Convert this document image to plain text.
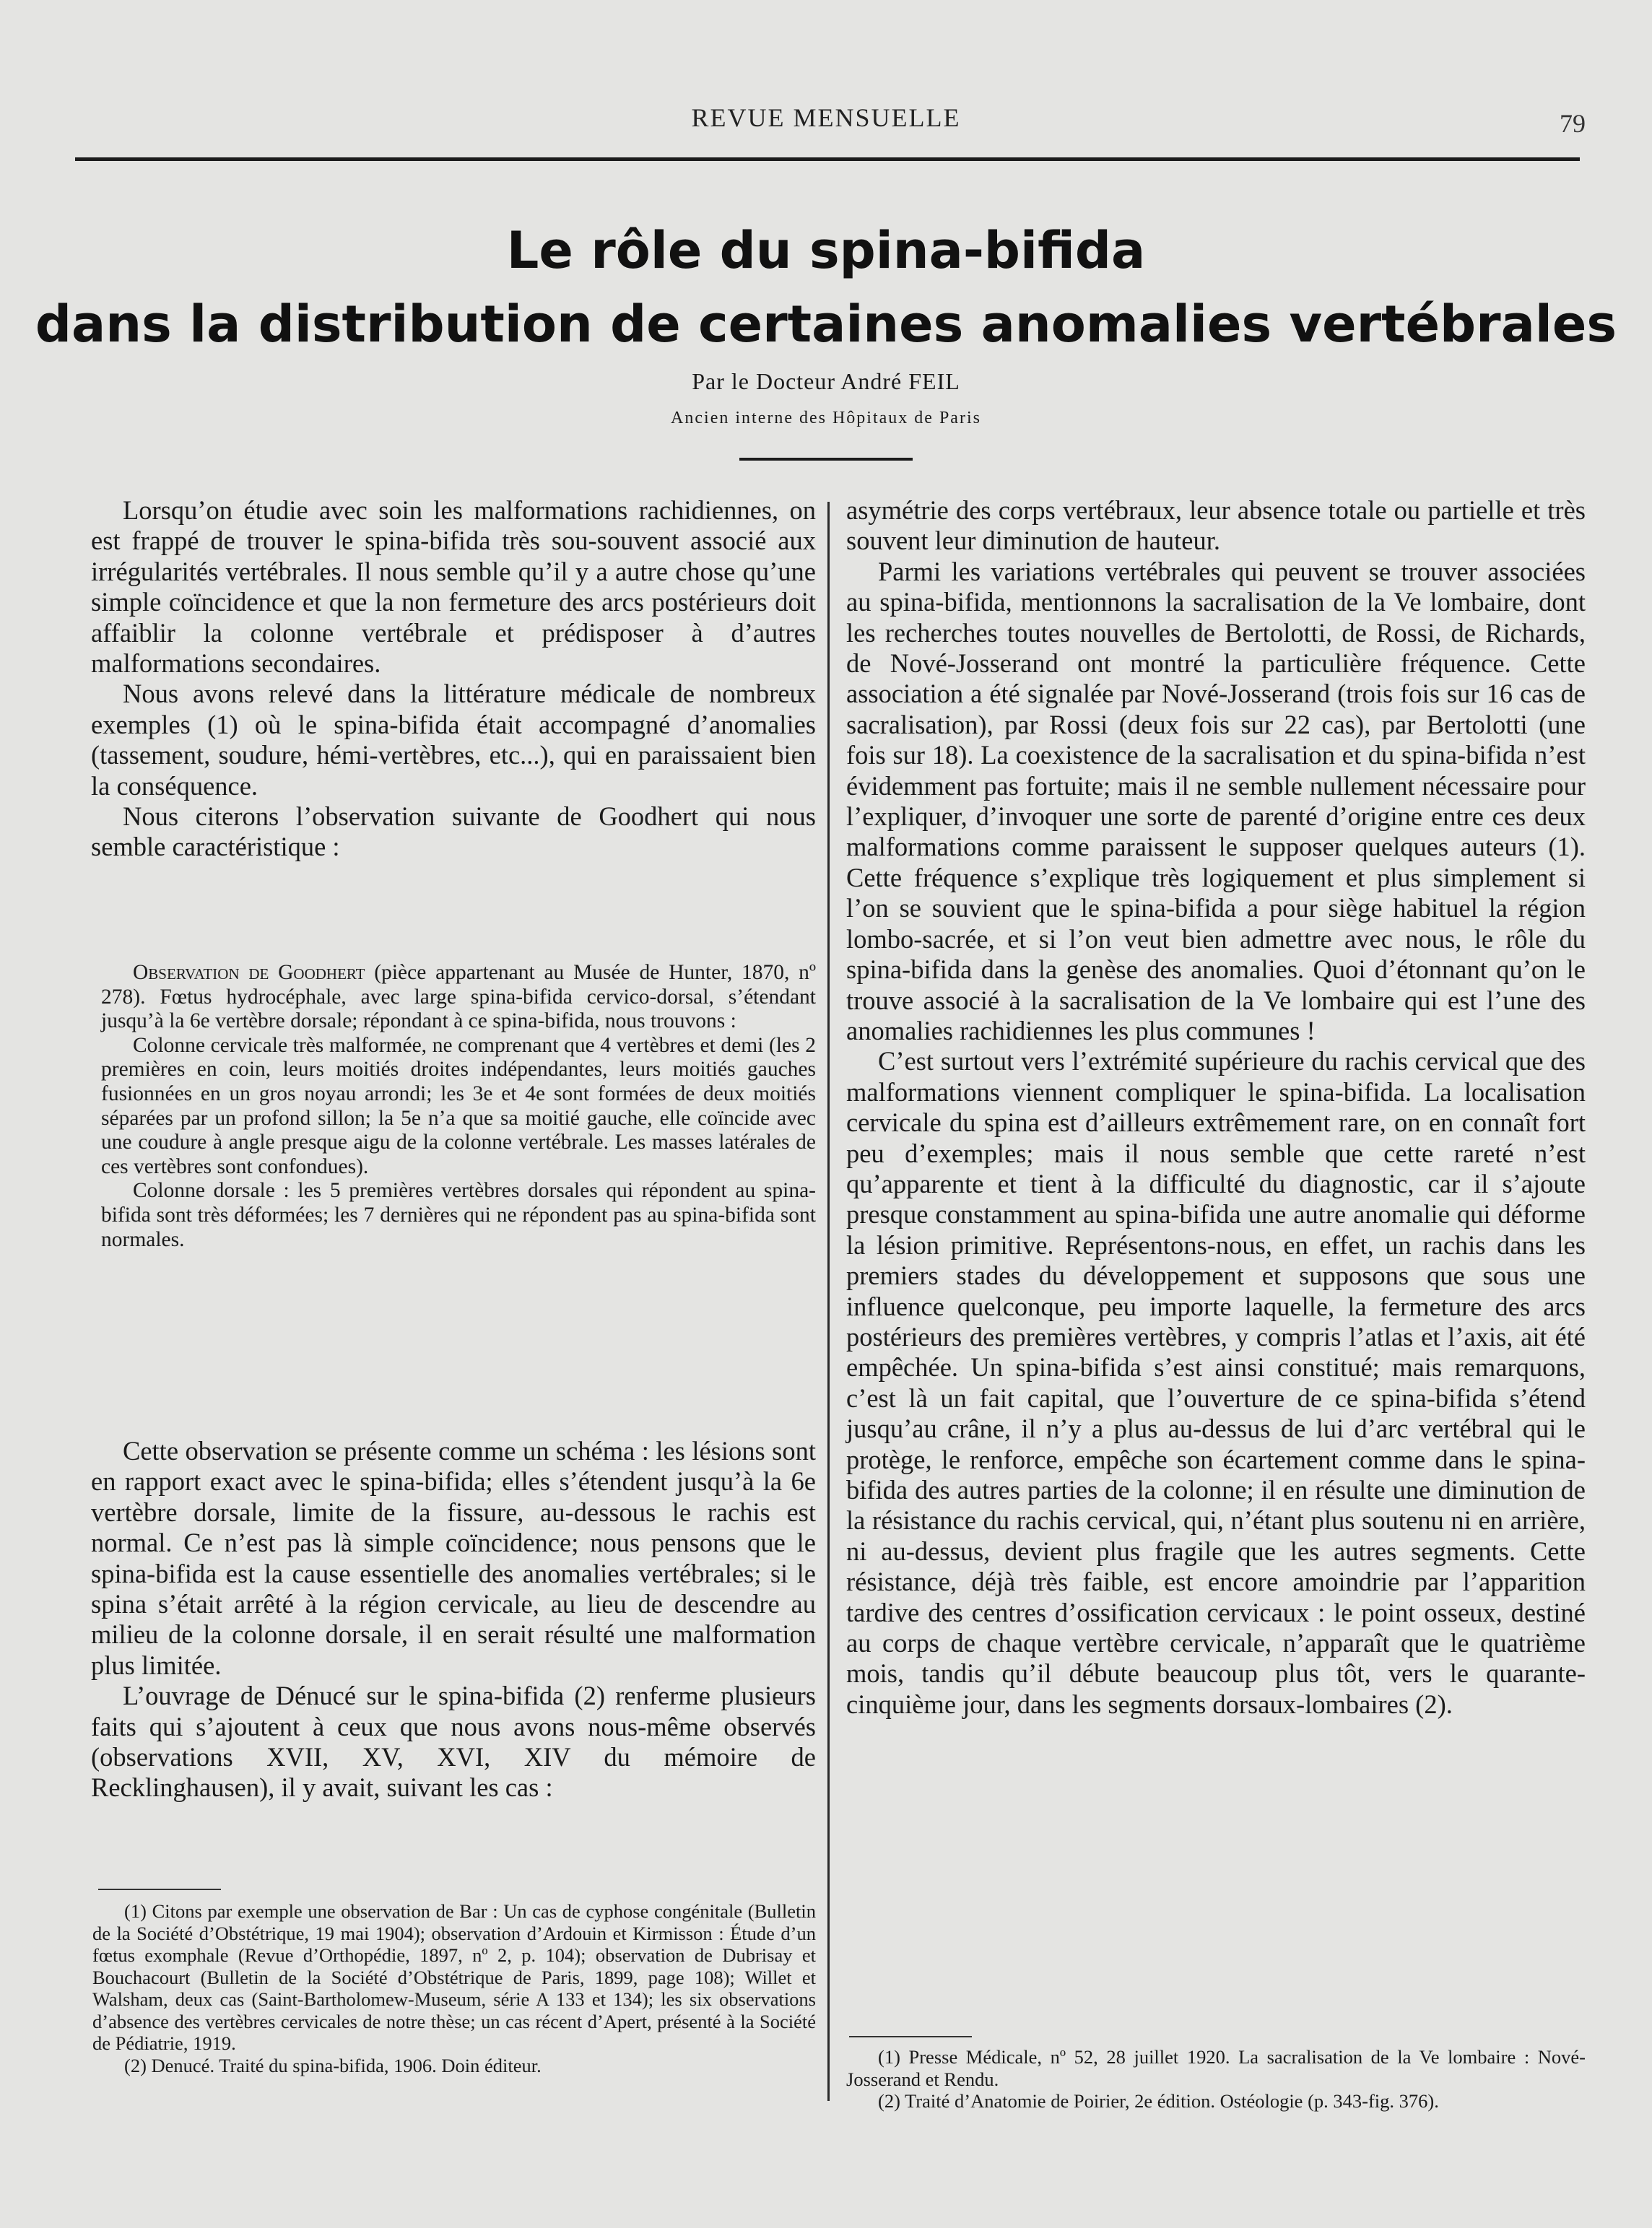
REVUE MENSUELLE	79
Le rôle du spina-bifida
dans la distribution de certaines anomalies vertébrales
Par le Docteur André FEIL
Ancien interne des Hôpitaux de Paris

Lorsqu’on étudie avec soin les malformations rachidiennes, on est frappé de trouver le spina-bifida très sou-souvent associé aux irrégularités vertébrales. Il nous semble qu’il y a autre chose qu’une simple coïncidence et que la non fermeture des arcs postérieurs doit affaiblir la colonne vertébrale et prédisposer à d’autres malformations secondaires.

Nous avons relevé dans la littérature médicale de nombreux exemples (1) où le spina-bifida était accompagné d’anomalies (tassement, soudure, hémi-vertèbres, etc...), qui en paraissaient bien la conséquence.

Nous citerons l’observation suivante de Goodhert qui nous semble caractéristique :

Observation de Goodhert (pièce appartenant au Musée de Hunter, 1870, nº 278). Fœtus hydrocéphale, avec large spina-bifida cervico-dorsal, s’étendant jusqu’à la 6e vertèbre dorsale; répondant à ce spina-bifida, nous trouvons :

Colonne cervicale très malformée, ne comprenant que 4 vertèbres et demi (les 2 premières en coin, leurs moitiés droites indépendantes, leurs moitiés gauches fusionnées en un gros noyau arrondi; les 3e et 4e sont formées de deux moitiés séparées par un profond sillon; la 5e n’a que sa moitié gauche, elle coïncide avec une coudure à angle presque aigu de la colonne vertébrale. Les masses latérales de ces vertèbres sont confondues).

Colonne dorsale : les 5 premières vertèbres dorsales qui répondent au spina-bifida sont très déformées; les 7 dernières qui ne répondent pas au spina-bifida sont normales.

Cette observation se présente comme un schéma : les lésions sont en rapport exact avec le spina-bifida; elles s’étendent jusqu’à la 6e vertèbre dorsale, limite de la fissure, au-dessous le rachis est normal. Ce n’est pas là simple coïncidence; nous pensons que le spina-bifida est la cause essentielle des anomalies vertébrales; si le spina s’était arrêté à la région cervicale, au lieu de descendre au milieu de la colonne dorsale, il en serait résulté une malformation plus limitée.

L’ouvrage de Dénucé sur le spina-bifida (2) renferme plusieurs faits qui s’ajoutent à ceux que nous avons nous-même observés (observations XVII, XV, XVI, XIV du mémoire de Recklinghausen), il y avait, suivant les cas :

(1) Citons par exemple une observation de Bar : Un cas de cyphose congénitale (Bulletin de la Société d’Obstétrique, 19 mai 1904); observation d’Ardouin et Kirmisson : Étude d’un fœtus exomphale (Revue d’Orthopédie, 1897, nº 2, p. 104); observation de Dubrisay et Bouchacourt (Bulletin de la Société d’Obstétrique de Paris, 1899, page 108); Willet et Walsham, deux cas (Saint-Bartholomew-Museum, série A 133 et 134); les six observations d’absence des vertèbres cervicales de notre thèse; un cas récent d’Apert, présenté à la Société de Pédiatrie, 1919.

(2) Denucé. Traité du spina-bifida, 1906. Doin éditeur.

asymétrie des corps vertébraux, leur absence totale ou partielle et très souvent leur diminution de hauteur.

Parmi les variations vertébrales qui peuvent se trouver associées au spina-bifida, mentionnons la sacralisation de la Ve lombaire, dont les recherches toutes nouvelles de Bertolotti, de Rossi, de Richards, de Nové-Josserand ont montré la particulière fréquence. Cette association a été signalée par Nové-Josserand (trois fois sur 16 cas de sacralisation), par Rossi (deux fois sur 22 cas), par Bertolotti (une fois sur 18). La coexistence de la sacralisation et du spina-bifida n’est évidemment pas fortuite; mais il ne semble nullement nécessaire pour l’expliquer, d’invoquer une sorte de parenté d’origine entre ces deux malformations comme paraissent le supposer quelques auteurs (1). Cette fréquence s’explique très logiquement et plus simplement si l’on se souvient que le spina-bifida a pour siège habituel la région lombo-sacrée, et si l’on veut bien admettre avec nous, le rôle du spina-bifida dans la genèse des anomalies. Quoi d’étonnant qu’on le trouve associé à la sacralisation de la Ve lombaire qui est l’une des anomalies rachidiennes les plus communes !

C’est surtout vers l’extrémité supérieure du rachis cervical que des malformations viennent compliquer le spina-bifida. La localisation cervicale du spina est d’ailleurs extrêmement rare, on en connaît fort peu d’exemples; mais il nous semble que cette rareté n’est qu’apparente et tient à la difficulté du diagnostic, car il s’ajoute presque constamment au spina-bifida une autre anomalie qui déforme la lésion primitive. Représentons-nous, en effet, un rachis dans les premiers stades du développement et supposons que sous une influence quelconque, peu importe laquelle, la fermeture des arcs postérieurs des premières vertèbres, y compris l’atlas et l’axis, ait été empêchée. Un spina-bifida s’est ainsi constitué; mais remarquons, c’est là un fait capital, que l’ouverture de ce spina-bifida s’étend jusqu’au crâne, il n’y a plus au-dessus de lui d’arc vertébral qui le protège, le renforce, empêche son écartement comme dans le spina-bifida des autres parties de la colonne; il en résulte une diminution de la résistance du rachis cervical, qui, n’étant plus soutenu ni en arrière, ni au-dessus, devient plus fragile que les autres segments. Cette résistance, déjà très faible, est encore amoindrie par l’apparition tardive des centres d’ossification cervicaux : le point osseux, destiné au corps de chaque vertèbre cervicale, n’apparaît que le quatrième mois, tandis qu’il débute beaucoup plus tôt, vers le quarante-cinquième jour, dans les segments dorsaux-lombaires (2).

(1) Presse Médicale, nº 52, 28 juillet 1920. La sacralisation de la Ve lombaire : Nové-Josserand et Rendu.

(2) Traité d’Anatomie de Poirier, 2e édition. Ostéologie (p. 343-fig. 376).
